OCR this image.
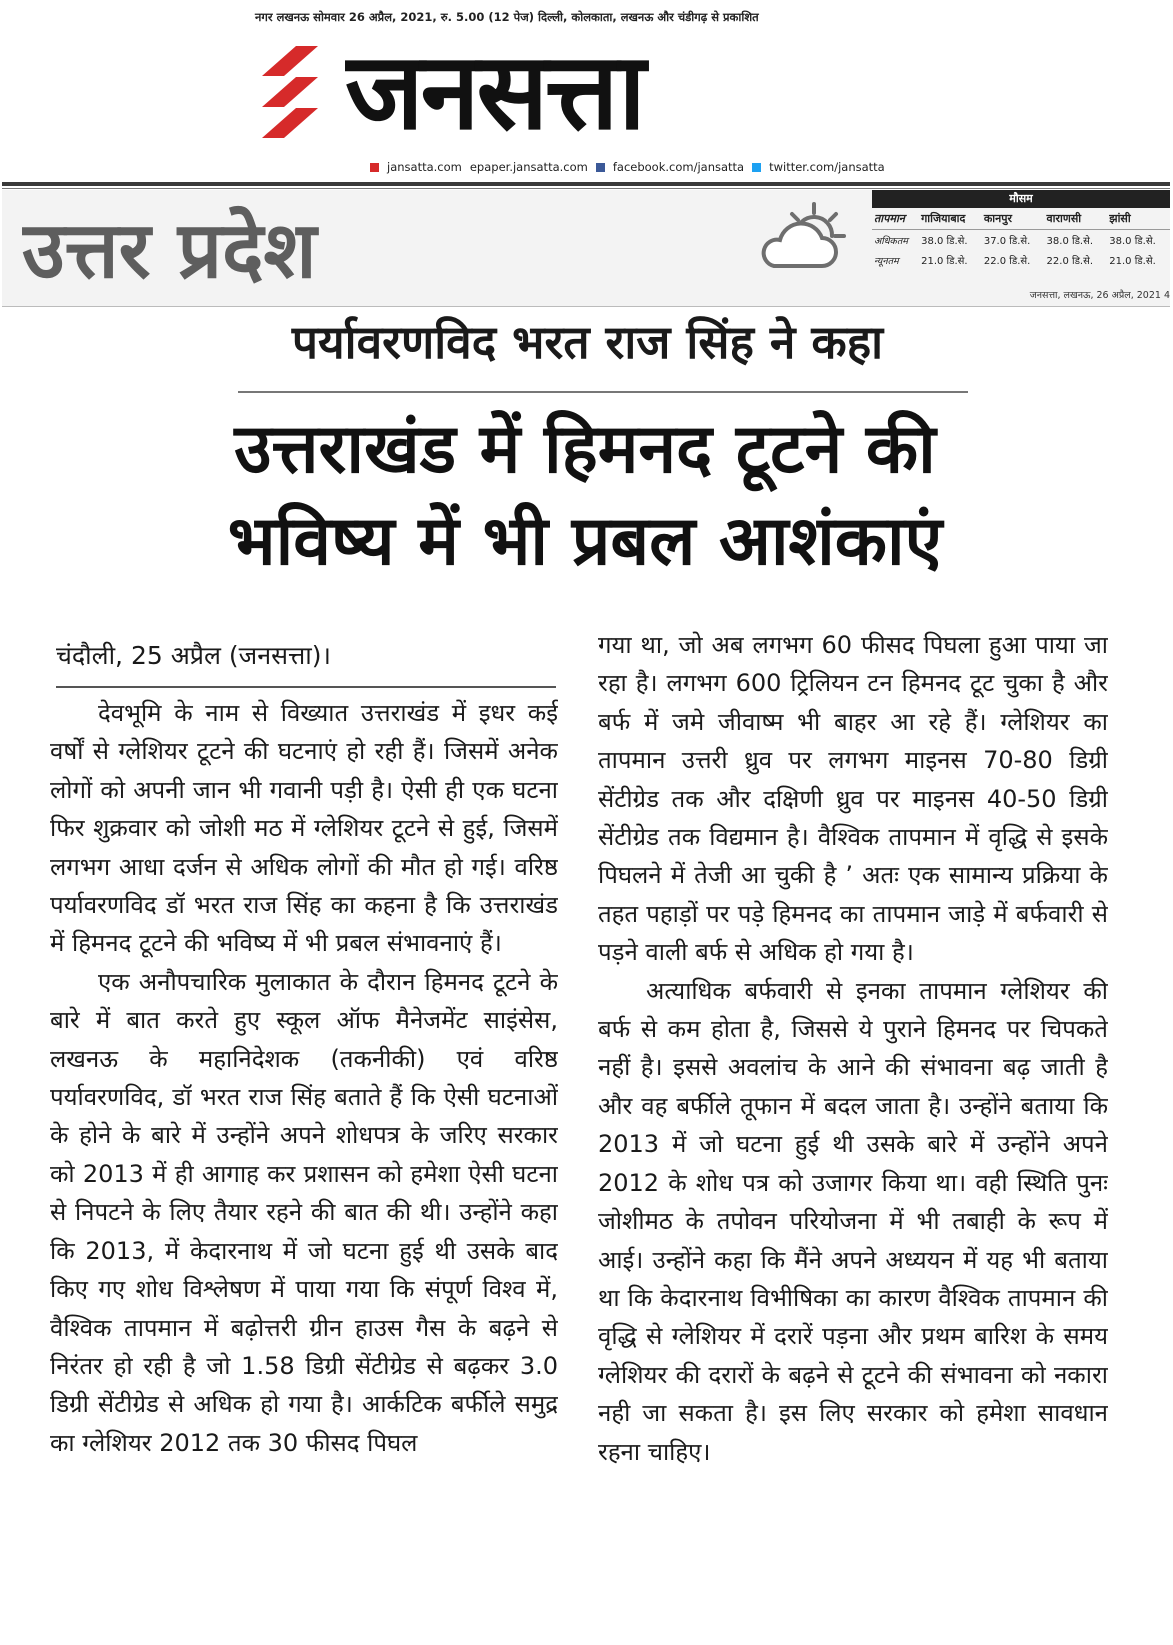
नगर लखनऊ सोमवार 26 अप्रैल, 2021, रु. 5.00 (12 पेज) दिल्ली, कोलकाता, लखनऊ और चंडीगढ़ से प्रकाशित
जनसत्ता
jansatta.com epaper.jansatta.com facebook.com/jansatta twitter.com/jansatta
उत्तर प्रदेश
मौसम
तापमान	गाजियाबाद	कानपुर	वाराणसी	झांसी
अधिकतम	38.0 डि.से.	37.0 डि.से.	38.0 डि.से.	38.0 डि.से.
न्यूनतम	21.0 डि.से.	22.0 डि.से.	22.0 डि.से.	21.0 डि.से.
जनसत्ता, लखनऊ, 26 अप्रैल, 2021 4
पर्यावरणविद भरत राज सिंह ने कहा
उत्तराखंड में हिमनद टूटने की
भविष्य में भी प्रबल आशंकाएं
चंदौली, 25 अप्रैल (जनसत्ता)।

देवभूमि के नाम से विख्यात उत्तराखंड में इधर कई वर्षों से ग्लेशियर टूटने की घटनाएं हो रही हैं। जिसमें अनेक लोगों को अपनी जान भी गवानी पड़ी है। ऐसी ही एक घटना फिर शुक्रवार को जोशी मठ में ग्लेशियर टूटने से हुई, जिसमें लगभग आधा दर्जन से अधिक लोगों की मौत हो गई। वरिष्ठ पर्यावरणविद डॉ भरत राज सिंह का कहना है कि उत्तराखंड में हिमनद टूटने की भविष्य में भी प्रबल संभावनाएं हैं।

एक अनौपचारिक मुलाकात के दौरान हिमनद टूटने के बारे में बात करते हुए स्कूल ऑफ मैनेजमेंट साइंसेस, लखनऊ के महानिदेशक (तकनीकी) एवं वरिष्ठ पर्यावरणविद, डॉ भरत राज सिंह बताते हैं कि ऐसी घटनाओं के होने के बारे में उन्होंने अपने शोधपत्र के जरिए सरकार को 2013 में ही आगाह कर प्रशासन को हमेशा ऐसी घटना से निपटने के लिए तैयार रहने की बात की थी। उन्होंने कहा कि 2013, में केदारनाथ में जो घटना हुई थी उसके बाद किए गए शोध विश्लेषण में पाया गया कि संपूर्ण विश्व में, वैश्विक तापमान में बढ़ोत्तरी ग्रीन हाउस गैस के बढ़ने से निरंतर हो रही है जो 1.58 डिग्री सेंटीग्रेड से बढ़कर 3.0 डिग्री सेंटीग्रेड से अधिक हो गया है। आर्कटिक बर्फीले समुद्र का ग्लेशियर 2012 तक 30 फीसद पिघल

गया था, जो अब लगभग 60 फीसद पिघला हुआ पाया जा रहा है। लगभग 600 ट्रिलियन टन हिमनद टूट चुका है और बर्फ में जमे जीवाष्म भी बाहर आ रहे हैं। ग्लेशियर का तापमान उत्तरी ध्रुव पर लगभग माइनस 70-80 डिग्री सेंटीग्रेड तक और दक्षिणी ध्रुव पर माइनस 40-50 डिग्री सेंटीग्रेड तक विद्यमान है। वैश्विक तापमान में वृद्धि से इसके पिघलने में तेजी आ चुकी है ’ अतः एक सामान्य प्रक्रिया के तहत पहाड़ों पर पड़े हिमनद का तापमान जाड़े में बर्फवारी से पड़ने वाली बर्फ से अधिक हो गया है।

अत्याधिक बर्फवारी से इनका तापमान ग्लेशियर की बर्फ से कम होता है, जिससे ये पुराने हिमनद पर चिपकते नहीं है। इससे अवलांच के आने की संभावना बढ़ जाती है और वह बर्फीले तूफान में बदल जाता है। उन्होंने बताया कि 2013 में जो घटना हुई थी उसके बारे में उन्होंने अपने 2012 के शोध पत्र को उजागर किया था। वही स्थिति पुनः जोशीमठ के तपोवन परियोजना में भी तबाही के रूप में आई। उन्होंने कहा कि मैंने अपने अध्ययन में यह भी बताया था कि केदारनाथ विभीषिका का कारण वैश्विक तापमान की वृद्धि से ग्लेशियर में दरारें पड़ना और प्रथम बारिश के समय ग्लेशियर की दरारों के बढ़ने से टूटने की संभावना को नकारा नही जा सकता है। इस लिए सरकार को हमेशा सावधान रहना चाहिए।
